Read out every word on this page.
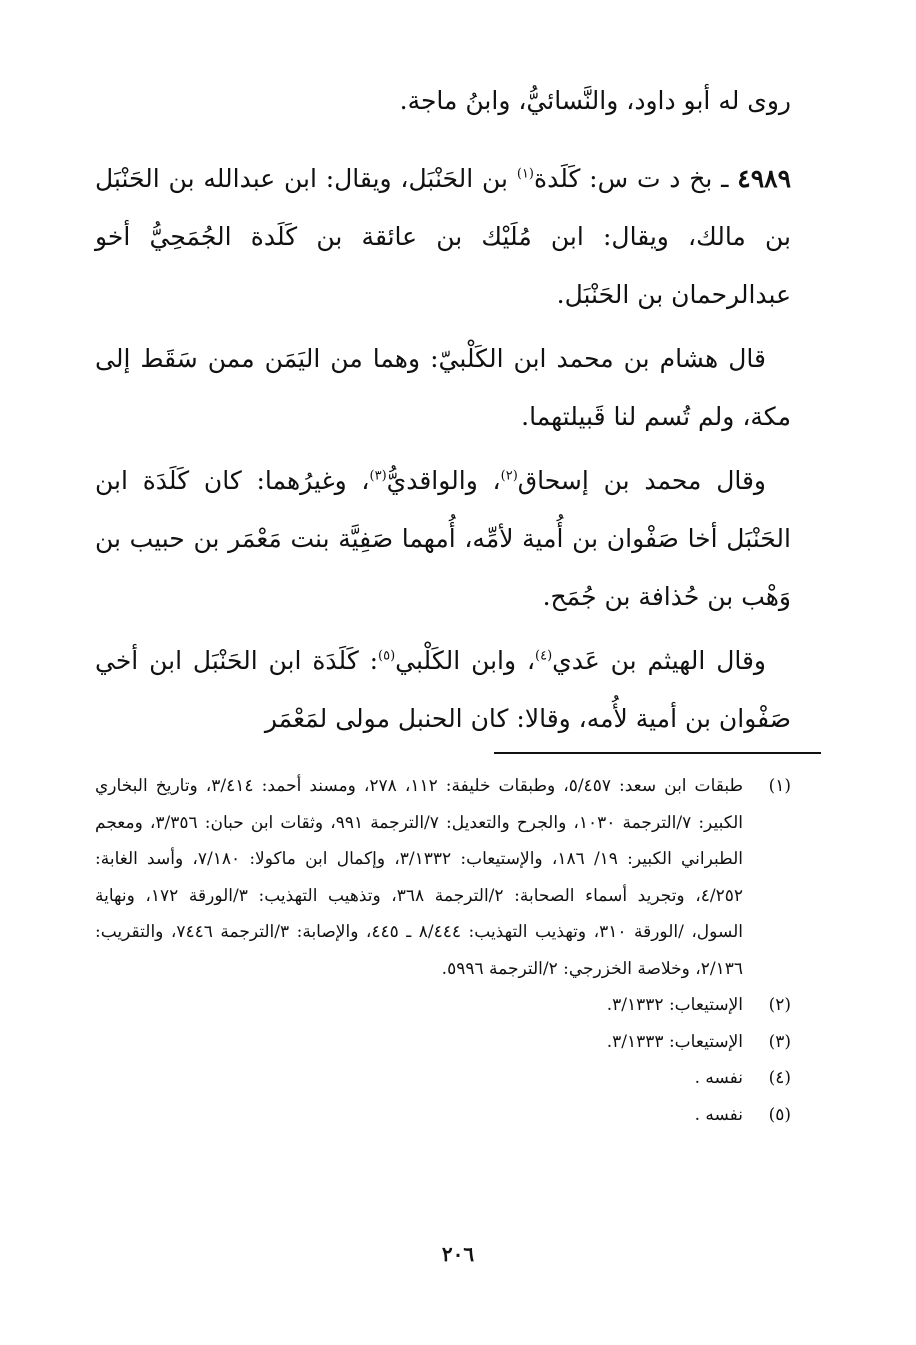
روى له أبو داود، والنَّسائيُّ، وابنُ ماجة.

٤٩٨٩ ـ بخ د ت س: كَلَدة$^{(١)}$ بن الحَنْبَل، ويقال: ابن عبدالله بن الحَنْبَل بن مالك، ويقال: ابن مُلَيْك بن عائقة بن كَلَدة الجُمَحِيُّ أخو عبدالرحمان بن الحَنْبَل.

 قال هشام بن محمد ابن الكَلْبيّ: وهما من اليَمَن ممن سَقَط إلى مكة، ولم تُسم لنا قَبيلتهما.

 وقال محمد بن إسحاق$^{(٢)}$، والواقديُّ$^{(٣)}$، وغيرُهما: كان كَلَدَة ابن الحَنْبَل أخا صَفْوان بن أُمية لأمِّه، أُمهما صَفِيَّة بنت مَعْمَر بن حبيب بن وَهْب بن حُذافة بن جُمَح.

 وقال الهيثم بن عَدي$^{(٤)}$، وابن الكَلْبي$^{(٥)}$: كَلَدَة ابن الحَنْبَل ابن أخي صَفْوان بن أمية لأُمه، وقالا: كان الحنبل مولى لمَعْمَر

(١)
طبقات ابن سعد: ٥/٤٥٧، وطبقات خليفة: ١١٢، ٢٧٨، ومسند أحمد: ٣/٤١٤، وتاريخ البخاري الكبير: ٧/الترجمة ١٠٣٠، والجرح والتعديل: ٧/الترجمة ٩٩١، وثقات ابن حبان: ٣/٣٥٦، ومعجم الطبراني الكبير: ١٩/ ١٨٦، والإستيعاب: ٣/١٣٣٢، وإكمال ابن ماكولا: ٧/١٨٠، وأسد الغابة: ٤/٢٥٢، وتجريد أسماء الصحابة: ٢/الترجمة ٣٦٨، وتذهيب التهذيب: ٣/الورقة ١٧٢، ونهاية السول، /الورقة ٣١٠، وتهذيب التهذيب: ٨/٤٤٤ ـ ٤٤٥، والإصابة: ٣/الترجمة ٧٤٤٦، والتقريب: ٢/١٣٦، وخلاصة الخزرجي: ٢/الترجمة ٥٩٩٦.
(٢)
الإستيعاب: ٣/١٣٣٢.
(٣)
الإستيعاب: ٣/١٣٣٣.
(٤)
نفسه .
(٥)
نفسه .
٢٠٦
